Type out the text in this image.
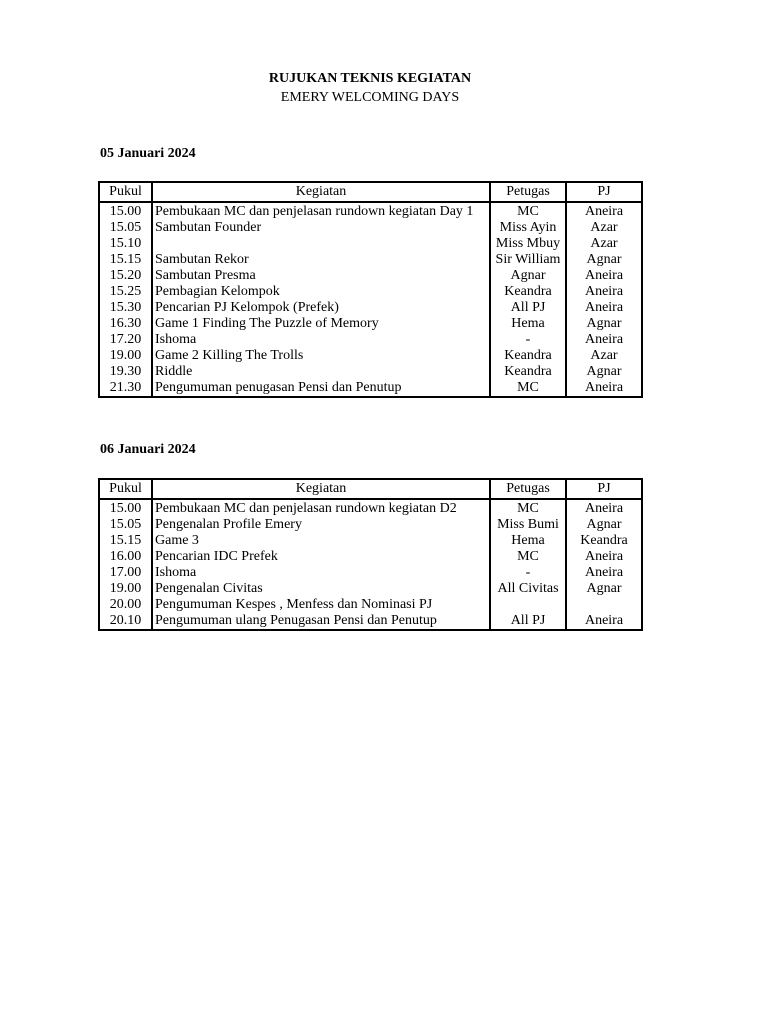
RUJUKAN TEKNIS KEGIATAN
EMERY WELCOMING DAYS
05 Januari 2024
Pukul	Kegiatan	Petugas	PJ
15.00	Pembukaan MC dan penjelasan rundown kegiatan Day 1	MC	Aneira
15.05	Sambutan Founder	Miss Ayin	Azar
15.10		Miss Mbuy	Azar
15.15	Sambutan Rekor	Sir William	Agnar
15.20	Sambutan Presma	Agnar	Aneira
15.25	Pembagian Kelompok	Keandra	Aneira
15.30	Pencarian PJ Kelompok (Prefek)	All PJ	Aneira
16.30	Game 1 Finding The Puzzle of Memory	Hema	Agnar
17.20	Ishoma	-	Aneira
19.00	Game 2 Killing The Trolls	Keandra	Azar
19.30	Riddle	Keandra	Agnar
21.30	Pengumuman penugasan Pensi dan Penutup	MC	Aneira
06 Januari 2024
Pukul	Kegiatan	Petugas	PJ
15.00	Pembukaan MC dan penjelasan rundown kegiatan D2	MC	Aneira
15.05	Pengenalan Profile Emery	Miss Bumi	Agnar
15.15	Game 3	Hema	Keandra
16.00	Pencarian IDC Prefek	MC	Aneira
17.00	Ishoma	-	Aneira
19.00	Pengenalan Civitas	All Civitas	Agnar
20.00	Pengumuman Kespes , Menfess dan Nominasi PJ		
20.10	Pengumuman ulang Penugasan Pensi dan Penutup	All PJ	Aneira
